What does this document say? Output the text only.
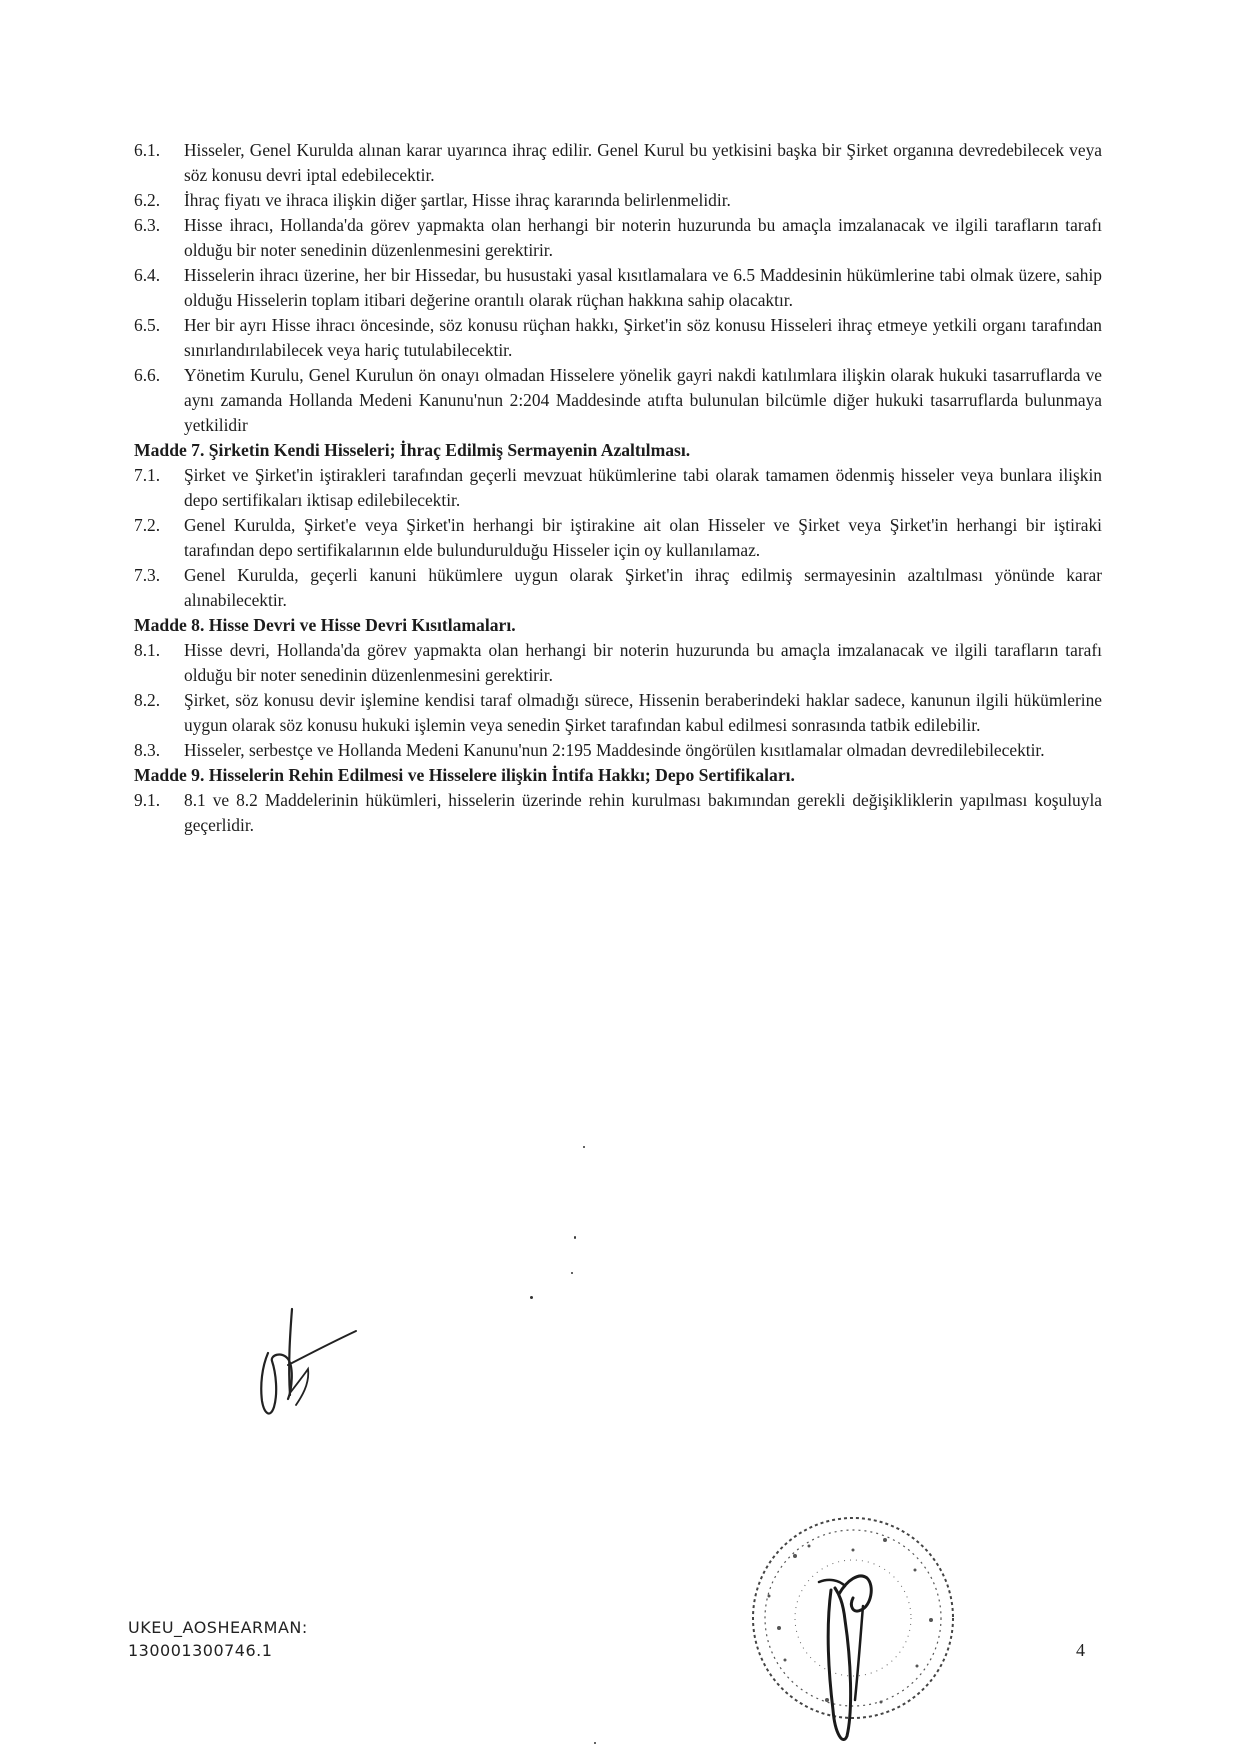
6.1.	Hisseler, Genel Kurulda alınan karar uyarınca ihraç edilir. Genel Kurul bu yetkisini başka bir Şirket organına devredebilecek veya söz konusu devri iptal edebilecektir.
6.2.	İhraç fiyatı ve ihraca ilişkin diğer şartlar, Hisse ihraç kararında belirlenmelidir.
6.3.	Hisse ihracı, Hollanda'da görev yapmakta olan herhangi bir noterin huzurunda bu amaçla imzalanacak ve ilgili tarafların tarafı olduğu bir noter senedinin düzenlenmesini gerektirir.
6.4.	Hisselerin ihracı üzerine, her bir Hissedar, bu husustaki yasal kısıtlamalara ve 6.5 Maddesinin hükümlerine tabi olmak üzere, sahip olduğu Hisselerin toplam itibari değerine orantılı olarak rüçhan hakkına sahip olacaktır.
6.5.	Her bir ayrı Hisse ihracı öncesinde, söz konusu rüçhan hakkı, Şirket'in söz konusu Hisseleri ihraç etmeye yetkili organı tarafından sınırlandırılabilecek veya hariç tutulabilecektir.
6.6.	Yönetim Kurulu, Genel Kurulun ön onayı olmadan Hisselere yönelik gayri nakdi katılımlara ilişkin olarak hukuki tasarruflarda ve aynı zamanda Hollanda Medeni Kanunu'nun 2:204 Maddesinde atıfta bulunulan bilcümle diğer hukuki tasarruflarda bulunmaya yetkilidir
Madde 7. Şirketin Kendi Hisseleri; İhraç Edilmiş Sermayenin Azaltılması.
7.1.	Şirket ve Şirket'in iştirakleri tarafından geçerli mevzuat hükümlerine tabi olarak tamamen ödenmiş hisseler veya bunlara ilişkin depo sertifikaları iktisap edilebilecektir.
7.2.	Genel Kurulda, Şirket'e veya Şirket'in herhangi bir iştirakine ait olan Hisseler ve Şirket veya Şirket'in herhangi bir iştiraki tarafından depo sertifikalarının elde bulundurulduğu Hisseler için oy kullanılamaz.
7.3.	Genel Kurulda, geçerli kanuni hükümlere uygun olarak Şirket'in ihraç edilmiş sermayesinin azaltılması yönünde karar alınabilecektir.
Madde 8. Hisse Devri ve Hisse Devri Kısıtlamaları.
8.1.	Hisse devri, Hollanda'da görev yapmakta olan herhangi bir noterin huzurunda bu amaçla imzalanacak ve ilgili tarafların tarafı olduğu bir noter senedinin düzenlenmesini gerektirir.
8.2.	Şirket, söz konusu devir işlemine kendisi taraf olmadığı sürece, Hissenin beraberindeki haklar sadece, kanunun ilgili hükümlerine uygun olarak söz konusu hukuki işlemin veya senedin Şirket tarafından kabul edilmesi sonrasında tatbik edilebilir.
8.3.	Hisseler, serbestçe ve Hollanda Medeni Kanunu'nun 2:195 Maddesinde öngörülen kısıtlamalar olmadan devredilebilecektir.
Madde 9. Hisselerin Rehin Edilmesi ve Hisselere ilişkin İntifa Hakkı; Depo Sertifikaları.
9.1.	8.1 ve 8.2 Maddelerinin hükümleri, hisselerin üzerinde rehin kurulması bakımından gerekli değişikliklerin yapılması koşuluyla geçerlidir.
UKEU_AOSHEARMAN:
130001300746.1	4
